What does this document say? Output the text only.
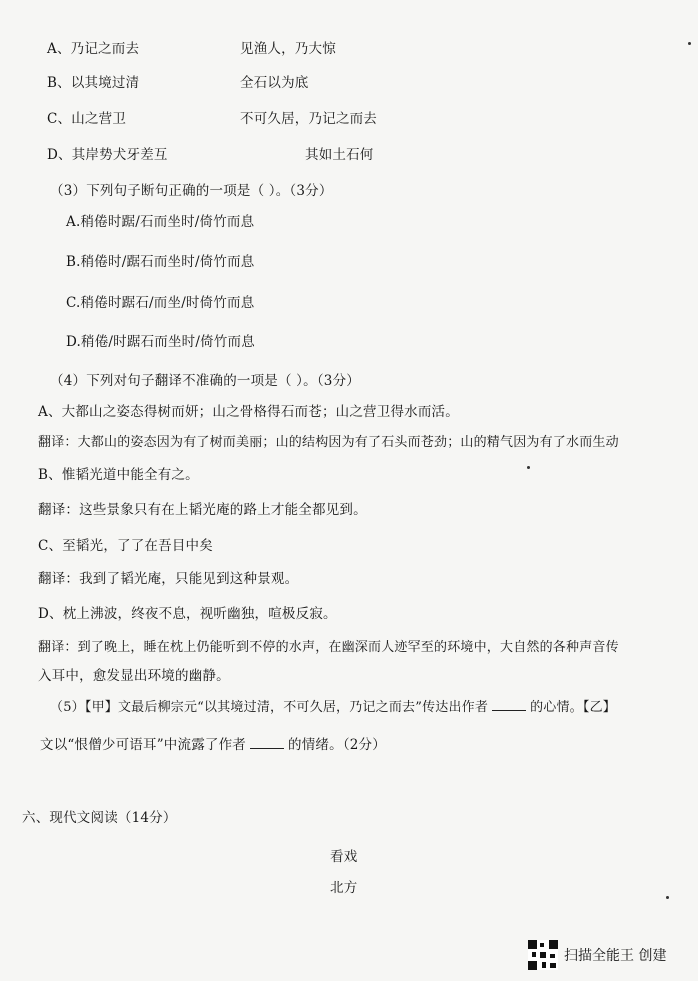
A、乃记之而去	见渔人，乃大惊
B、以其境过清	全石以为底
C、山之营卫	不可久居，乃记之而去
D、其岸势犬牙差互	其如土石何
（3）下列句子断句正确的一项是（ ）。（3分）
A.稍倦时踞/石而坐时/倚竹而息
B.稍倦时/踞石而坐时/倚竹而息
C.稍倦时踞石/而坐/时倚竹而息
D.稍倦/时踞石而坐时/倚竹而息
（4）下列对句子翻译不准确的一项是（ ）。（3分）
A、大都山之姿态得树而妍；山之骨格得石而苍；山之营卫得水而活。
翻译：大都山的姿态因为有了树而美丽；山的结构因为有了石头而苍劲；山的精气因为有了水而生动
B、惟韬光道中能全有之。
翻译：这些景象只有在上韬光庵的路上才能全都见到。
C、至韬光，了了在吾目中矣
翻译：我到了韬光庵，只能见到这种景观。
D、枕上沸波，终夜不息，视听幽独，喧极反寂。
翻译：到了晚上，睡在枕上仍能听到不停的水声，在幽深而人迹罕至的环境中，大自然的各种声音传
入耳中，愈发显出环境的幽静。
（5）【甲】文最后柳宗元“以其境过清，不可久居，乃记之而去”传达出作者	的心情。【乙】
文以“恨僧少可语耳”中流露了作者	的情绪。（2分）
六、现代文阅读（14分）
看戏
北方
扫描全能王 创建
